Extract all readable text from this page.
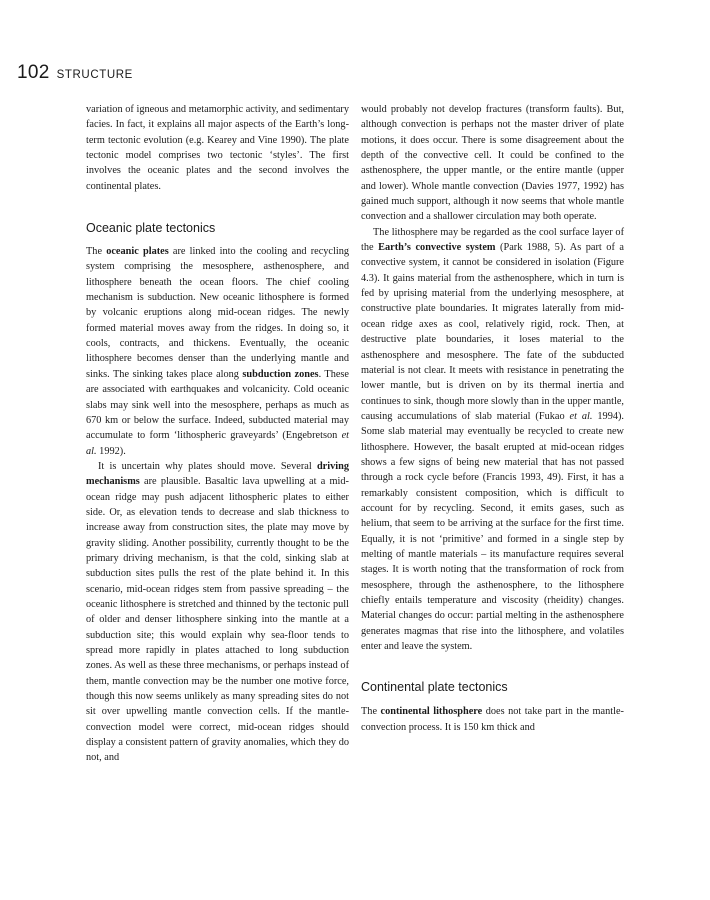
102 STRUCTURE

variation of igneous and metamorphic activity, and sedimentary facies. In fact, it explains all major aspects of the Earth’s long-term tectonic evolution (e.g. Kearey and Vine 1990). The plate tectonic model comprises two tectonic ‘styles’. The first involves the oceanic plates and the second involves the continental plates.

Oceanic plate tectonics

The oceanic plates are linked into the cooling and recycling system comprising the mesosphere, asthenosphere, and lithosphere beneath the ocean floors. The chief cooling mechanism is subduction. New oceanic lithosphere is formed by volcanic eruptions along mid-ocean ridges. The newly formed material moves away from the ridges. In doing so, it cools, contracts, and thickens. Eventually, the oceanic lithosphere becomes denser than the underlying mantle and sinks. The sinking takes place along subduction zones. These are associated with earthquakes and volcanicity. Cold oceanic slabs may sink well into the mesosphere, perhaps as much as 670 km or below the surface. Indeed, subducted material may accumulate to form ‘lithospheric graveyards’ (Engebretson et al. 1992).

It is uncertain why plates should move. Several driving mechanisms are plausible. Basaltic lava upwelling at a mid-ocean ridge may push adjacent lithospheric plates to either side. Or, as elevation tends to decrease and slab thickness to increase away from construction sites, the plate may move by gravity sliding. Another possibility, currently thought to be the primary driving mechanism, is that the cold, sinking slab at subduction sites pulls the rest of the plate behind it. In this scenario, mid-ocean ridges stem from passive spreading – the oceanic lithosphere is stretched and thinned by the tectonic pull of older and denser lithosphere sinking into the mantle at a subduction site; this would explain why sea-floor tends to spread more rapidly in plates attached to long subduction zones. As well as these three mechanisms, or perhaps instead of them, mantle convection may be the number one motive force, though this now seems unlikely as many spreading sites do not sit over upwelling mantle convection cells. If the mantle-convection model were correct, mid-ocean ridges should display a consistent pattern of gravity anomalies, which they do not, and

would probably not develop fractures (transform faults). But, although convection is perhaps not the master driver of plate motions, it does occur. There is some disagreement about the depth of the convective cell. It could be confined to the asthenosphere, the upper mantle, or the entire mantle (upper and lower). Whole mantle convection (Davies 1977, 1992) has gained much support, although it now seems that whole mantle convection and a shallower circulation may both operate.

The lithosphere may be regarded as the cool surface layer of the Earth’s convective system (Park 1988, 5). As part of a convective system, it cannot be considered in isolation (Figure 4.3). It gains material from the asthenosphere, which in turn is fed by uprising material from the underlying mesosphere, at constructive plate boundaries. It migrates laterally from mid-ocean ridge axes as cool, relatively rigid, rock. Then, at destructive plate boundaries, it loses material to the asthenosphere and mesosphere. The fate of the subducted material is not clear. It meets with resistance in penetrating the lower mantle, but is driven on by its thermal inertia and continues to sink, though more slowly than in the upper mantle, causing accumulations of slab material (Fukao et al. 1994). Some slab material may eventually be recycled to create new lithosphere. However, the basalt erupted at mid-ocean ridges shows a few signs of being new material that has not passed through a rock cycle before (Francis 1993, 49). First, it has a remarkably consistent composition, which is difficult to account for by recycling. Second, it emits gases, such as helium, that seem to be arriving at the surface for the first time. Equally, it is not ‘primitive’ and formed in a single step by melting of mantle materials – its manufacture requires several stages. It is worth noting that the transformation of rock from mesosphere, through the asthenosphere, to the lithosphere chiefly entails temperature and viscosity (rheidity) changes. Material changes do occur: partial melting in the asthenosphere generates magmas that rise into the lithosphere, and volatiles enter and leave the system.

Continental plate tectonics

The continental lithosphere does not take part in the mantle-convection process. It is 150 km thick and
